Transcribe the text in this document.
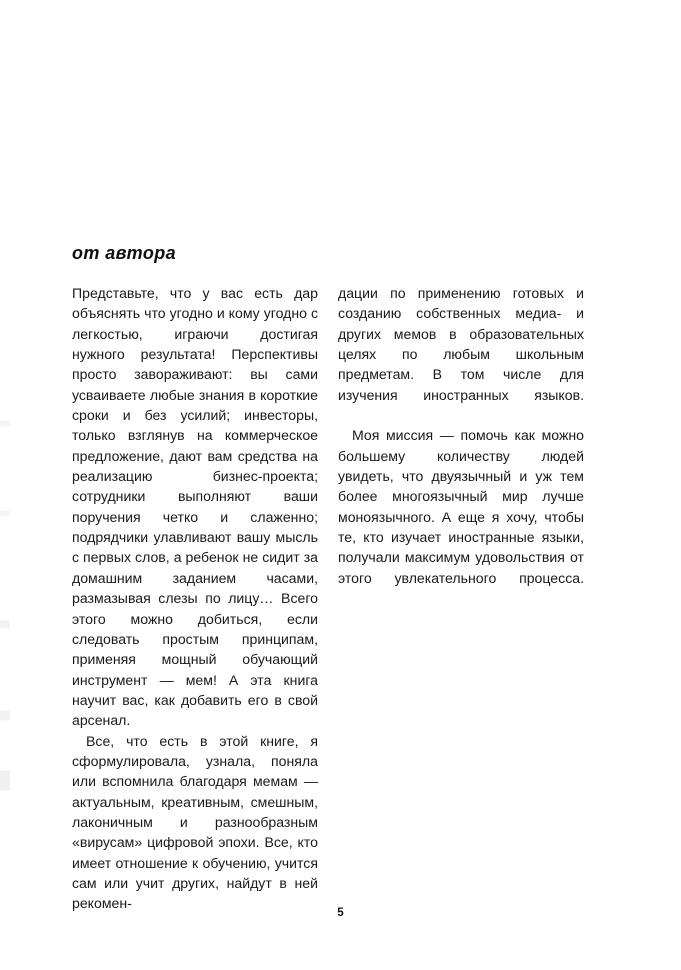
от автора

Представьте, что у вас есть дар объяснять что угодно и кому угодно с легкостью, играючи достигая нужного результата! Перспективы просто завораживают: вы сами усваиваете любые знания в короткие сроки и без усилий; инвесторы, только взглянув на коммерческое предложение, дают вам средства на реализацию бизнес-проекта; сотрудники выполняют ваши поручения четко и слаженно; подрядчики улавливают вашу мысль с первых слов, а ребенок не сидит за домашним заданием часами, размазывая слезы по лицу… Всего этого можно добиться, если следовать простым принципам, применяя мощный обучающий инструмент — мем! А эта книга научит вас, как добавить его в свой арсенал.

Все, что есть в этой книге, я сформулировала, узнала, поняла или вспомнила благодаря мемам — актуальным, креативным, смешным, лаконичным и разнообразным «вирусам» цифровой эпохи. Все, кто имеет отношение к обучению, учится сам или учит других, найдут в ней рекомен-

дации по применению готовых и созданию собственных медиа- и других мемов в образовательных целях по любым школьным предметам. В том числе для изучения иностранных языков.

Моя миссия — помочь как можно большему количеству людей увидеть, что двуязычный и уж тем более многоязычный мир лучше моноязычного. А еще я хочу, чтобы те, кто изучает иностранные языки, получали максимум удовольствия от этого увлекательного процесса.

5
